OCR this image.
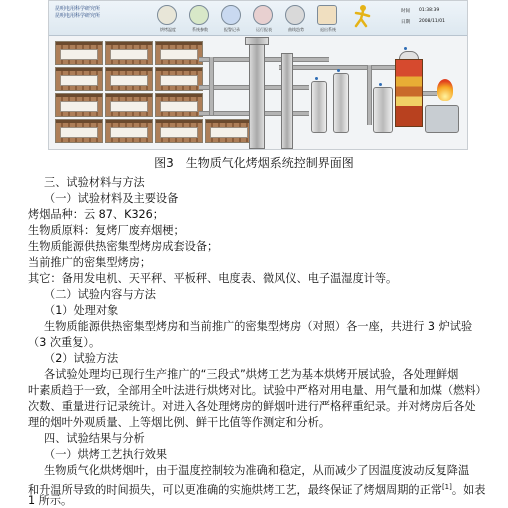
昆明电用科学研究所
昆明电用科学研究所
烘烤温度	系统参数	报警记录	运行报表	曲线趋势	退出系统
时间 01:38:39
日期 2008/11/01
图3　生物质气化烤烟系统控制界面图
三、试验材料与方法
（一）试验材料及主要设备
烤烟品种：云 87、K326；
生物质原料：复烤厂废弃烟梗；
生物质能源供热密集型烤房成套设备；
当前推广的密集型烤房；
其它：备用发电机、天平秤、平板秤、电度表、微风仪、电子温湿度计等。
（二）试验内容与方法
（1）处理对象
生物质能源供热密集型烤房和当前推广的密集型烤房（对照）各一座，共进行 3 炉试验
（3 次重复）。
（2）试验方法
各试验处理均已现行生产推广的“三段式”烘烤工艺为基本烘烤开展试验，各处理鲜烟
叶素质趋于一致，全部用全叶法进行烘烤对比。试验中严格对用电量、用气量和加煤（燃料）
次数、重量进行记录统计。对进入各处理烤房的鲜烟叶进行严格秤重纪录。并对烤房后各处
理的烟叶外观质量、上等烟比例、鲜干比值等作测定和分析。
四、试验结果与分析
（一）烘烤工艺执行效果
生物质气化烘烤烟叶，由于温度控制较为准确和稳定，从而减少了因温度波动反复降温
和升温所导致的时间损失，可以更准确的实施烘烤工艺，最终保证了烤烟周期的正常[1]。如表
1 所示。
